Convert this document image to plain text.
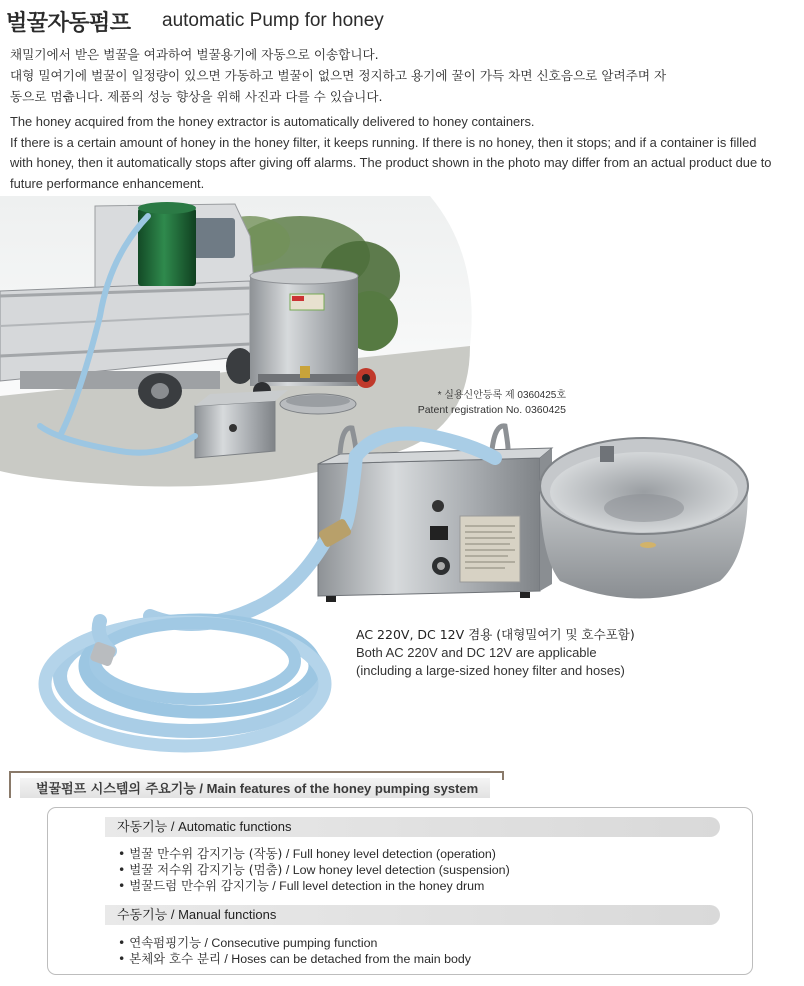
벌꿀자동펌프 automatic Pump for honey

채밀기에서 받은 벌꿀을 여과하여 벌꿀용기에 자동으로 이송합니다.

대형 밀여기에 벌꿀이 일정량이 있으면 가동하고 벌꿀이 없으면 정지하고 용기에 꿀이 가득 차면 신호음으로 알려주며 자

동으로 멈춥니다. 제품의 성능 향상을 위해 사진과 다를 수 있습니다.

The honey acquired from the honey extractor is automatically delivered to honey containers.

If there is a certain amount of honey in the honey filter, it keeps running. If there is no honey, then it stops; and if a container is filled

with honey, then it automatically stops after giving off alarms. The product shown in the photo may differ from an actual product due to

future performance enhancement.

* 실용신안등록 제 0360425호
Patent registration No. 0360425
AC 220V, DC 12V 겸용 (대형밀여기 및 호수포함)
Both AC 220V and DC 12V are applicable
(including a large-sized honey filter and hoses)
벌꿀펌프 시스템의 주요기능 / Main features of the honey pumping system
자동기능 / Automatic functions
• 벌꿀 만수위 감지기능 (작동) / Full honey level detection (operation)
• 벌꿀 저수위 감지기능 (멈춤) / Low honey level detection (suspension)
• 벌꿀드럼 만수위 감지기능 / Full level detection in the honey drum
수동기능 / Manual functions
• 연속펌핑기능 / Consecutive pumping function
• 본체와 호수 분리 / Hoses can be detached from the main body
